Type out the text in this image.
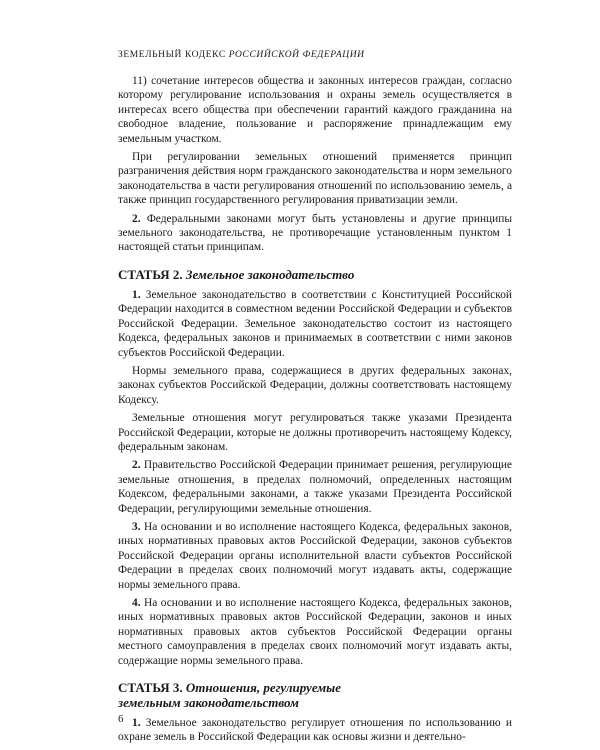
ЗЕМЕЛЬНЫЙ КОДЕКС РОССИЙСКОЙ ФЕДЕРАЦИИ

11) сочетание интересов общества и законных интересов граждан, согласно которому регулирование использования и охраны земель осуществляется в интересах всего общества при обеспечении гарантий каждого гражданина на свободное владение, пользование и распоряжение принадлежащим ему земельным участком.

При регулировании земельных отношений применяется принцип разграничения действия норм гражданского законодательства и норм земельного законодательства в части регулирования отношений по использованию земель, а также принцип государственного регулирования приватизации земли.

2. Федеральными законами могут быть установлены и другие принципы земельного законодательства, не противоречащие установленным пунктом 1 настоящей статьи принципам.

СТАТЬЯ 2. Земельное законодательство

1. Земельное законодательство в соответствии с Конституцией Российской Федерации находится в совместном ведении Российской Федерации и субъектов Российской Федерации. Земельное законодательство состоит из настоящего Кодекса, федеральных законов и принимаемых в соответствии с ними законов субъектов Российской Федерации.

Нормы земельного права, содержащиеся в других федеральных законах, законах субъектов Российской Федерации, должны соответствовать настоящему Кодексу.

Земельные отношения могут регулироваться также указами Президента Российской Федерации, которые не должны противоречить настоящему Кодексу, федеральным законам.

2. Правительство Российской Федерации принимает решения, регулирующие земельные отношения, в пределах полномочий, определенных настоящим Кодексом, федеральными законами, а также указами Президента Российской Федерации, регулирующими земельные отношения.

3. На основании и во исполнение настоящего Кодекса, федеральных законов, иных нормативных правовых актов Российской Федерации, законов субъектов Российской Федерации органы исполнительной власти субъектов Российской Федерации в пределах своих полномочий могут издавать акты, содержащие нормы земельного права.

4. На основании и во исполнение настоящего Кодекса, федеральных законов, иных нормативных правовых актов Российской Федерации, законов и иных нормативных правовых актов субъектов Российской Федерации органы местного самоуправления в пределах своих полномочий могут издавать акты, содержащие нормы земельного права.

СТАТЬЯ 3. Отношения, регулируемые
земельным законодательством

1. Земельное законодательство регулирует отношения по использованию и охране земель в Российской Федерации как основы жизни и деятельно-

6
